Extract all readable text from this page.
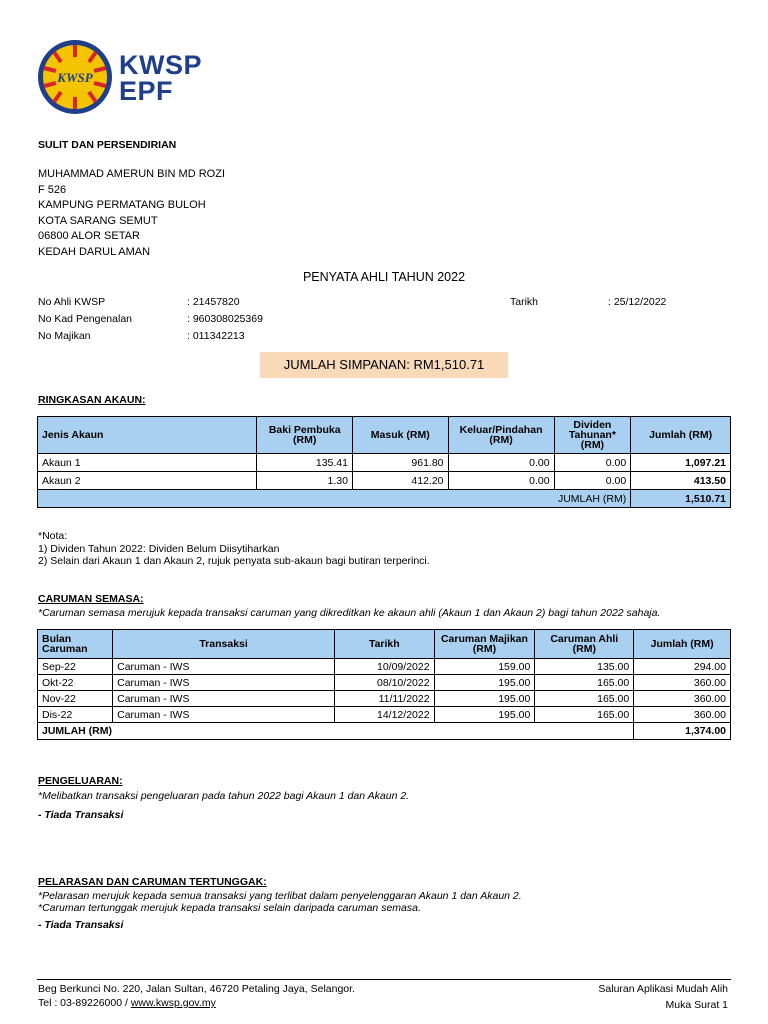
KWSP KWSP
EPF
SULIT DAN PERSENDIRIAN
MUHAMMAD AMERUN BIN MD ROZI
F 526
KAMPUNG PERMATANG BULOH
KOTA SARANG SEMUT
06800 ALOR SETAR
KEDAH DARUL AMAN
PENYATA AHLI TAHUN 2022
No Ahli KWSP	: 21457820
No Kad Pengenalan	: 960308025369
No Majikan	: 011342213
Tarikh	: 25/12/2022
JUMLAH SIMPANAN: RM1,510.71
RINGKASAN AKAUN:
Jenis Akaun	Baki Pembuka (RM)	Masuk (RM)	Keluar/Pindahan (RM)	Dividen Tahunan* (RM)	Jumlah (RM)
Akaun 1	135.41	961.80	0.00	0.00	1,097.21
Akaun 2	1.30	412.20	0.00	0.00	413.50
JUMLAH (RM)					1,510.71
*Nota:
1) Dividen Tahun 2022: Dividen Belum Diisytiharkan
2) Selain dari Akaun 1 dan Akaun 2, rujuk penyata sub-akaun bagi butiran terperinci.
CARUMAN SEMASA:
*Caruman semasa merujuk kepada transaksi caruman yang dikreditkan ke akaun ahli (Akaun 1 dan Akaun 2) bagi tahun 2022 sahaja.
Bulan Caruman	Transaksi	Tarikh	Caruman Majikan (RM)	Caruman Ahli (RM)	Jumlah (RM)
Sep-22	Caruman - IWS	10/09/2022	159.00	135.00	294.00
Okt-22	Caruman - IWS	08/10/2022	195.00	165.00	360.00
Nov-22	Caruman - IWS	11/11/2022	195.00	165.00	360.00
Dis-22	Caruman - IWS	14/12/2022	195.00	165.00	360.00
JUMLAH (RM)					1,374.00
PENGELUARAN:
*Melibatkan transaksi pengeluaran pada tahun 2022 bagi Akaun 1 dan Akaun 2.
- Tiada Transaksi
PELARASAN DAN CARUMAN TERTUNGGAK:
*Pelarasan merujuk kepada semua transaksi yang terlibat dalam penyelenggaran Akaun 1 dan Akaun 2.
*Caruman tertunggak merujuk kepada transaksi selain daripada caruman semasa.
- Tiada Transaksi
Beg Berkunci No. 220, Jalan Sultan, 46720 Petaling Jaya, Selangor.
Tel : 03-89226000 / www.kwsp.gov.my
Saluran Aplikasi Mudah Alih
Muka Surat 1
